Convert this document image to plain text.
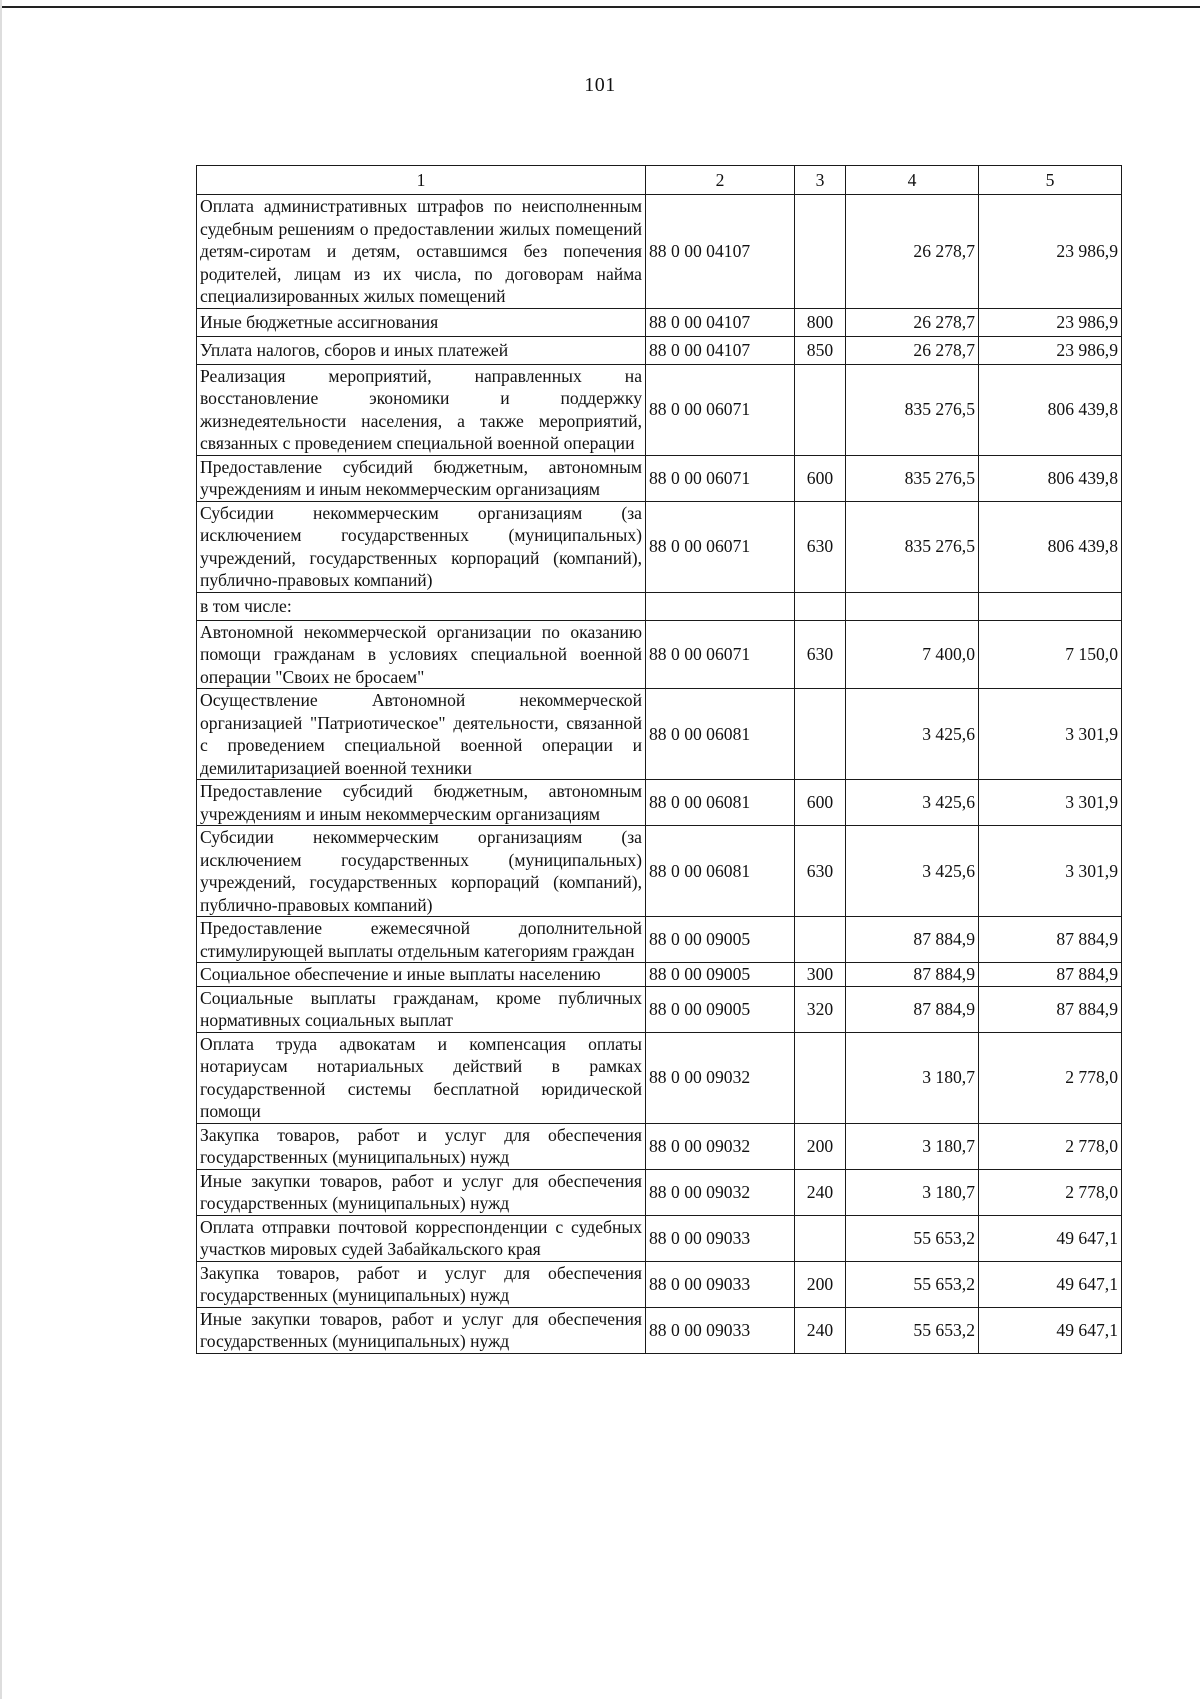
101
1	2	3	4	5
Оплата административных штрафов по неисполненным судебным решениям о предоставлении жилых помещений детям-сиротам и детям, оставшимся без попечения родителей, лицам из их числа, по договорам найма специализированных жилых помещений	88 0 00 04107		26 278,7	23 986,9
Иные бюджетные ассигнования	88 0 00 04107	800	26 278,7	23 986,9
Уплата налогов, сборов и иных платежей	88 0 00 04107	850	26 278,7	23 986,9
Реализация мероприятий, направленных на восстановление экономики и поддержку жизнедеятельности населения, а также мероприятий, связанных с проведением специальной военной операции	88 0 00 06071		835 276,5	806 439,8
Предоставление субсидий бюджетным, автономным учреждениям и иным некоммерческим организациям	88 0 00 06071	600	835 276,5	806 439,8
Субсидии некоммерческим организациям (за исключением государственных (муниципальных) учреждений, государственных корпораций (компаний), публично-правовых компаний)	88 0 00 06071	630	835 276,5	806 439,8
в том числе:				
Автономной некоммерческой организации по оказанию помощи гражданам в условиях специальной военной операции "Своих не бросаем"	88 0 00 06071	630	7 400,0	7 150,0
Осуществление Автономной некоммерческой организацией "Патриотическое" деятельности, связанной с проведением специальной военной операции и демилитаризацией военной техники	88 0 00 06081		3 425,6	3 301,9
Предоставление субсидий бюджетным, автономным учреждениям и иным некоммерческим организациям	88 0 00 06081	600	3 425,6	3 301,9
Субсидии некоммерческим организациям (за исключением государственных (муниципальных) учреждений, государственных корпораций (компаний), публично-правовых компаний)	88 0 00 06081	630	3 425,6	3 301,9
Предоставление ежемесячной дополнительной стимулирующей выплаты отдельным категориям граждан	88 0 00 09005		87 884,9	87 884,9
Социальное обеспечение и иные выплаты населению	88 0 00 09005	300	87 884,9	87 884,9
Социальные выплаты гражданам, кроме публичных нормативных социальных выплат	88 0 00 09005	320	87 884,9	87 884,9
Оплата труда адвокатам и компенсация оплаты нотариусам нотариальных действий в рамках государственной системы бесплатной юридической помощи	88 0 00 09032		3 180,7	2 778,0
Закупка товаров, работ и услуг для обеспечения государственных (муниципальных) нужд	88 0 00 09032	200	3 180,7	2 778,0
Иные закупки товаров, работ и услуг для обеспечения государственных (муниципальных) нужд	88 0 00 09032	240	3 180,7	2 778,0
Оплата отправки почтовой корреспонденции с судебных участков мировых судей Забайкальского края	88 0 00 09033		55 653,2	49 647,1
Закупка товаров, работ и услуг для обеспечения государственных (муниципальных) нужд	88 0 00 09033	200	55 653,2	49 647,1
Иные закупки товаров, работ и услуг для обеспечения государственных (муниципальных) нужд	88 0 00 09033	240	55 653,2	49 647,1
